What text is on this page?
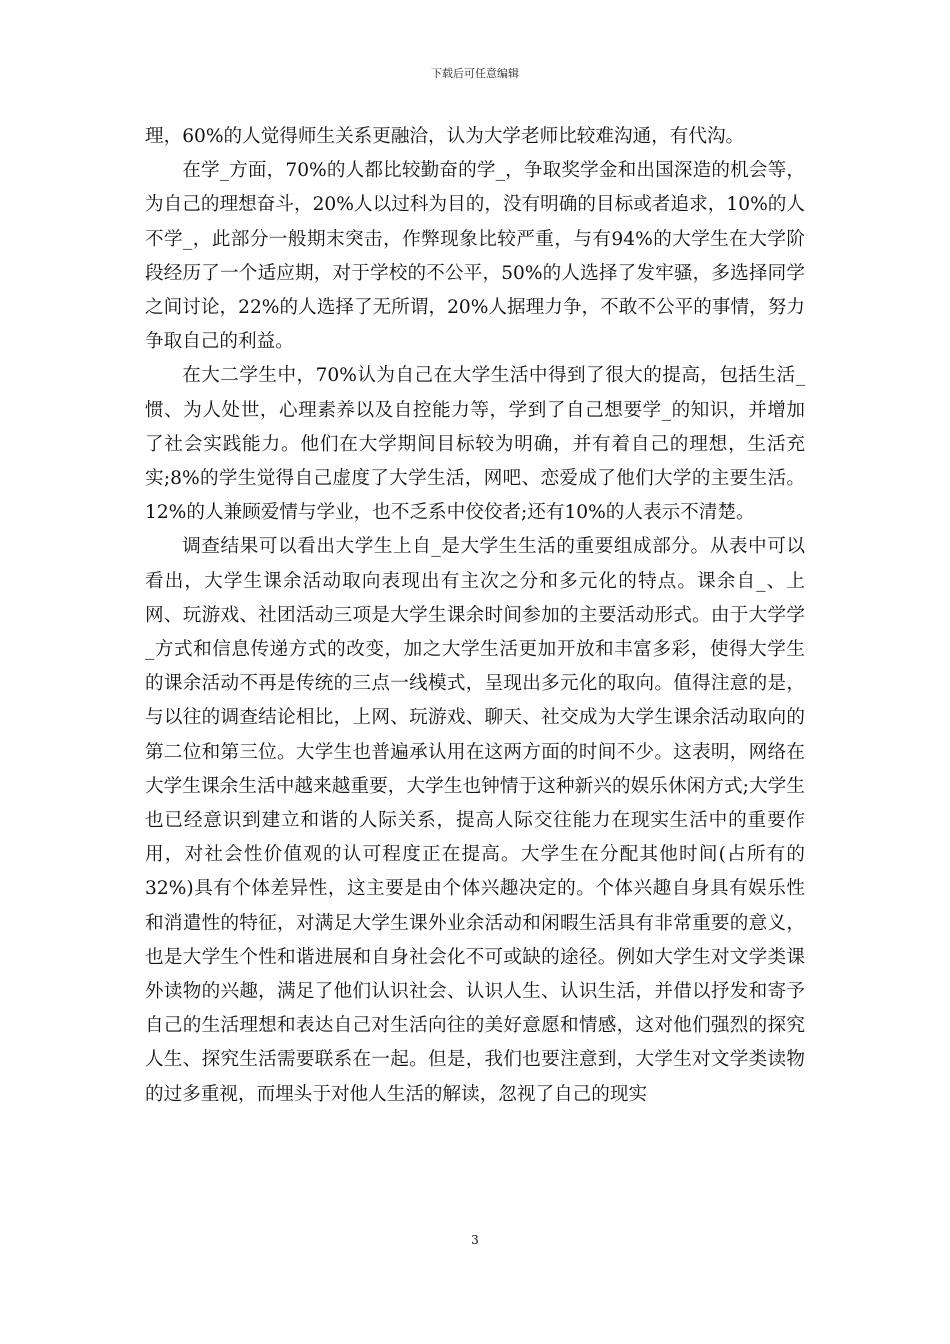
下载后可任意编辑

理，60%的人觉得师生关系更融洽，认为大学老师比较难沟通，有代沟。

在学_方面，70%的人都比较勤奋的学_，争取奖学金和出国深造的机会等，为自己的理想奋斗，20%人以过科为目的，没有明确的目标或者追求，10%的人不学_，此部分一般期末突击，作弊现象比较严重，与有94%的大学生在大学阶段经历了一个适应期，对于学校的不公平，50%的人选择了发牢骚，多选择同学之间讨论，22%的人选择了无所谓，20%人据理力争，不敢不公平的事情，努力争取自己的利益。

在大二学生中，70%认为自己在大学生活中得到了很大的提高，包括生活_惯、为人处世，心理素养以及自控能力等，学到了自己想要学_的知识，并增加了社会实践能力。他们在大学期间目标较为明确，并有着自己的理想，生活充实;8%的学生觉得自己虚度了大学生活，网吧、恋爱成了他们大学的主要生活。12%的人兼顾爱情与学业，也不乏系中佼佼者;还有10%的人表示不清楚。

调查结果可以看出大学生上自_是大学生生活的重要组成部分。从表中可以看出，大学生课余活动取向表现出有主次之分和多元化的特点。课余自_、上网、玩游戏、社团活动三项是大学生课余时间参加的主要活动形式。由于大学学_方式和信息传递方式的改变，加之大学生活更加开放和丰富多彩，使得大学生的课余活动不再是传统的三点一线模式，呈现出多元化的取向。值得注意的是，与以往的调查结论相比，上网、玩游戏、聊天、社交成为大学生课余活动取向的第二位和第三位。大学生也普遍承认用在这两方面的时间不少。这表明，网络在大学生课余生活中越来越重要，大学生也钟情于这种新兴的娱乐休闲方式;大学生也已经意识到建立和谐的人际关系，提高人际交往能力在现实生活中的重要作用，对社会性价值观的认可程度正在提高。大学生在分配其他时间(占所有的32%)具有个体差异性，这主要是由个体兴趣决定的。个体兴趣自身具有娱乐性和消遣性的特征，对满足大学生课外业余活动和闲暇生活具有非常重要的意义，也是大学生个性和谐进展和自身社会化不可或缺的途径。例如大学生对文学类课外读物的兴趣，满足了他们认识社会、认识人生、认识生活，并借以抒发和寄予自己的生活理想和表达自己对生活向往的美好意愿和情感，这对他们强烈的探究人生、探究生活需要联系在一起。但是，我们也要注意到，大学生对文学类读物的过多重视，而埋头于对他人生活的解读，忽视了自己的现实

3
